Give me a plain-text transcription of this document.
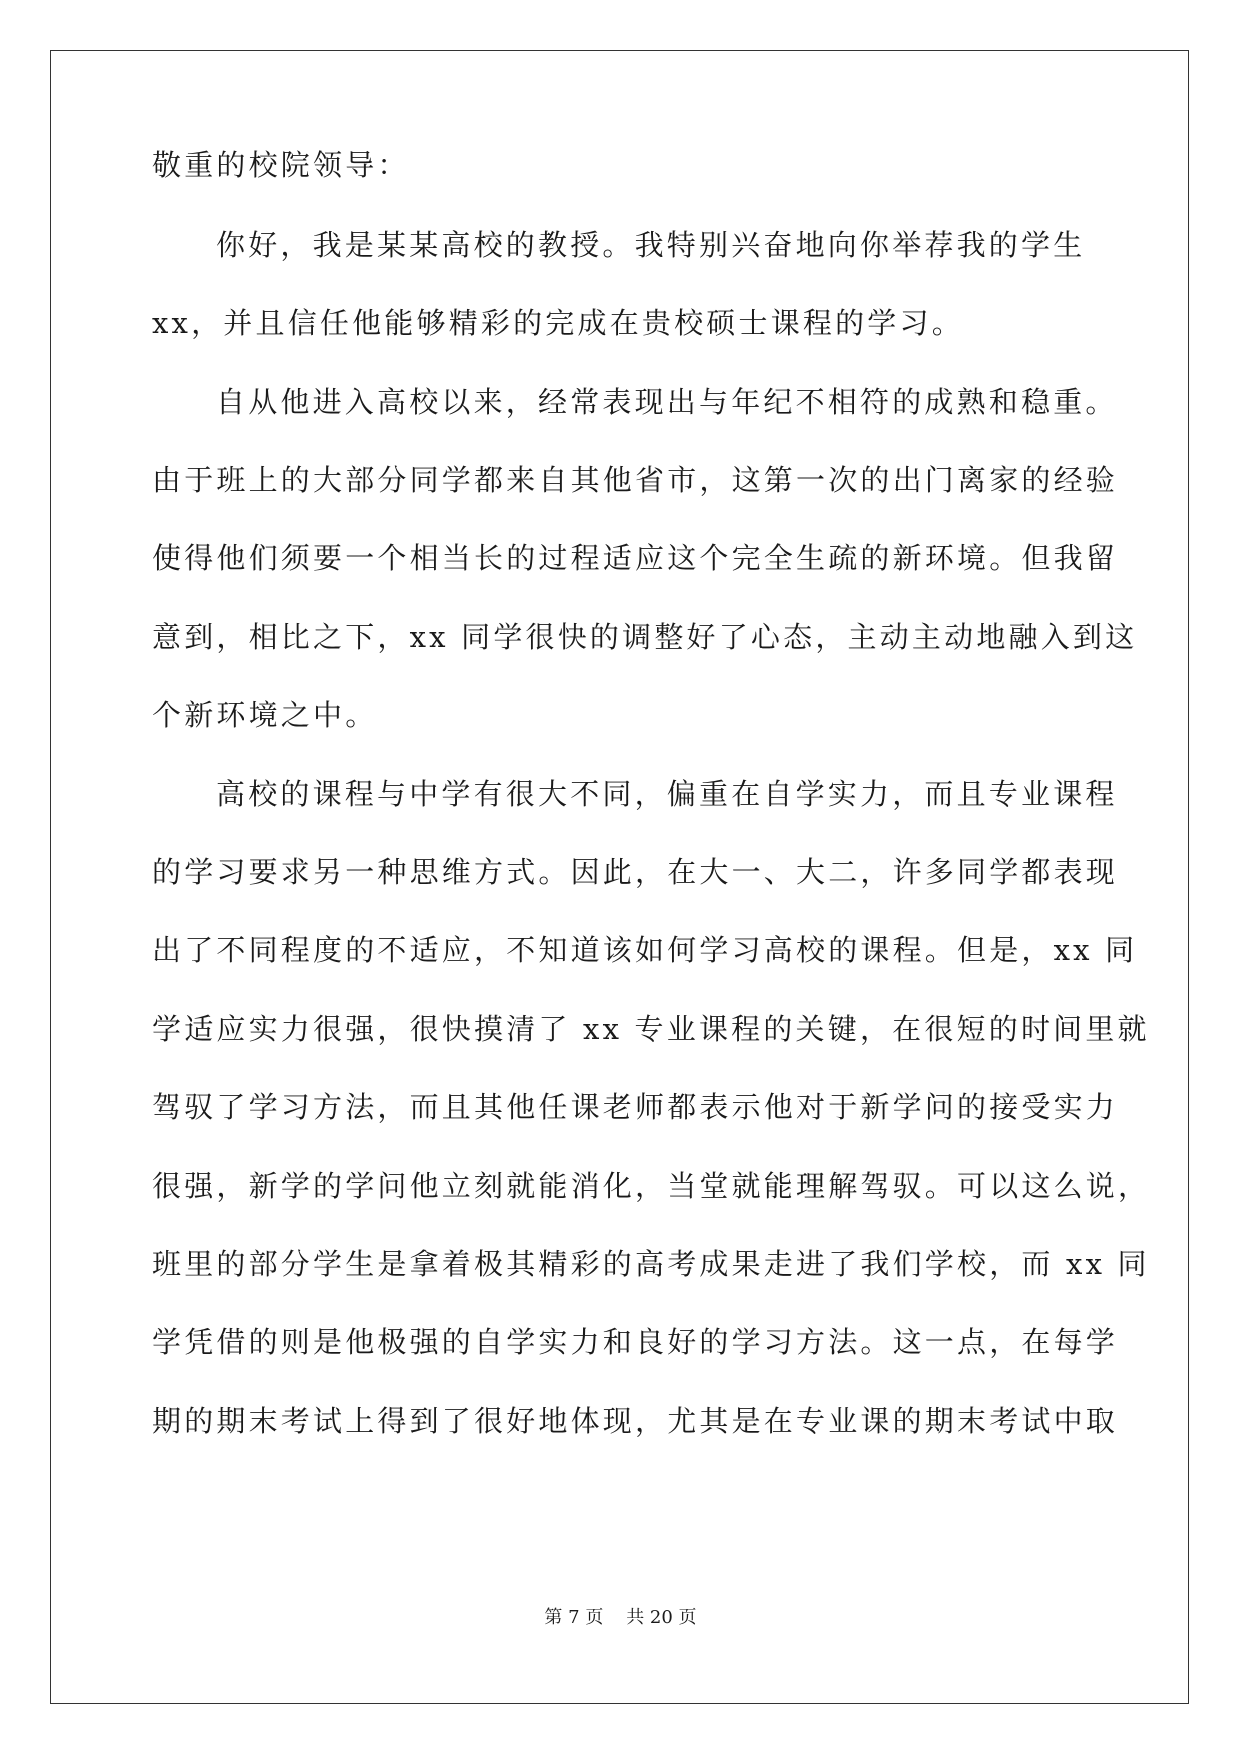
敬重的校院领导：

你好，我是某某高校的教授。我特别兴奋地向你举荐我的学生

xx，并且信任他能够精彩的完成在贵校硕士课程的学习。

自从他进入高校以来，经常表现出与年纪不相符的成熟和稳重。

由于班上的大部分同学都来自其他省市，这第一次的出门离家的经验

使得他们须要一个相当长的过程适应这个完全生疏的新环境。但我留

意到，相比之下，xx 同学很快的调整好了心态，主动主动地融入到这

个新环境之中。

高校的课程与中学有很大不同，偏重在自学实力，而且专业课程

的学习要求另一种思维方式。因此，在大一、大二，许多同学都表现

出了不同程度的不适应，不知道该如何学习高校的课程。但是，xx 同

学适应实力很强，很快摸清了 xx 专业课程的关键，在很短的时间里就

驾驭了学习方法，而且其他任课老师都表示他对于新学问的接受实力

很强，新学的学问他立刻就能消化，当堂就能理解驾驭。可以这么说，

班里的部分学生是拿着极其精彩的高考成果走进了我们学校，而 xx 同

学凭借的则是他极强的自学实力和良好的学习方法。这一点，在每学

期的期末考试上得到了很好地体现，尤其是在专业课的期末考试中取

第 7 页    共 20 页
